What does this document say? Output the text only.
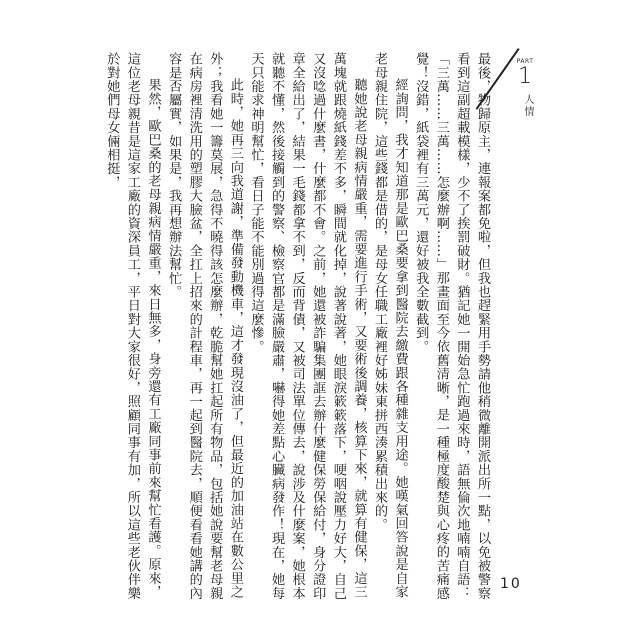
最後，物歸原主，連報案都免啦，但我也趕緊用手勢請他稍微離開派出所一點，以免被警察看到這副超載模樣，少不了挨罰破財。猶記她一開始急忙跑過來時，語無倫次地喃喃自語：「三萬……三萬……怎麼辦啊……」那畫面至今依舊清晰，是一種極度酸楚與心疼的苦痛感覺！沒錯，紙袋裡有三萬元，還好被我全數截到。

經詢問，我才知道那是歐巴桑要拿到醫院去繳費跟各種雜支用途。她嘆氣回答說是自家老母親住院，這些錢都是借的，是母女任職工廠裡好姊妹東拼西湊累積出來的。

聽她說老母親病情嚴重，需要進行手術，又要術後調養，核算下來，就算有健保，這三萬塊就跟燒紙錢差不多，瞬間就化掉，說著說著，她眼淚簌簌落下，哽咽說壓力好大，自己又沒唸過什麼書，什麼都不會。之前，她還被詐騙集團誆去辦什麼健保勞保給付，身分證印章全給出了，結果一毛錢都拿不到，反而背債，又被司法單位傳去，說涉及什麼案，她根本就聽不懂，然後接觸到的警察、檢察官都是滿臉嚴肅，嚇得她差點心臟病發作！現在，她每天只能求神明幫忙，看日子能不能別過得這麼慘。

此時，她再三向我道謝，準備發動機車，這才發現沒油了，但最近的加油站在數公里之外；我看她一籌莫展，急得不曉得該怎麼辦，乾脆幫她扛起所有物品，包括她說要幫老母親在病房裡清洗用的塑膠大臉盆，全扛上招來的計程車，再一起到醫院去，順便看看她講的內容是否屬實，如果是，我再想辦法幫忙。

果然，歐巴桑的老母親病情嚴重，來日無多，身旁還有工廠同事前來幫忙看護。原來，這位老母親昔是這家工廠的資深員工，平日對大家很好，照顧同事有加，所以這些老伙伴樂於對她們母女倆相挺，	PART
1
人情
10
